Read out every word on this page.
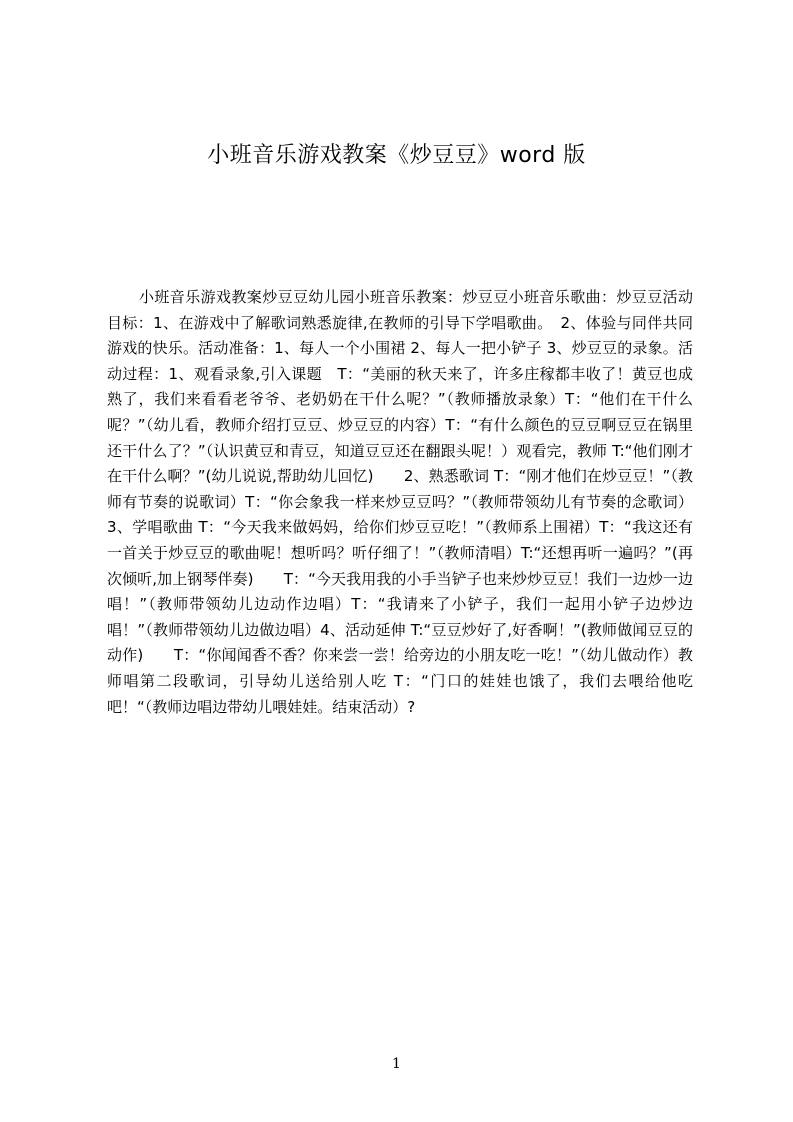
小班音乐游戏教案《炒豆豆》word 版

小班音乐游戏教案炒豆豆幼儿园小班音乐教案：炒豆豆小班音乐歌曲：炒豆豆活动目标：1、在游戏中了解歌词熟悉旋律,在教师的引导下学唱歌曲。　2、体验与同伴共同游戏的快乐。活动准备：1、每人一个小围裙 2、每人一把小铲子 3、炒豆豆的录象。活动过程：1、观看录象,引入课题　T：“美丽的秋天来了，许多庄稼都丰收了！黄豆也成熟了，我们来看看老爷爷、老奶奶在干什么呢？”（教师播放录象）T：“他们在干什么呢？”（幼儿看，教师介绍打豆豆、炒豆豆的内容）T：“有什么颜色的豆豆啊豆豆在锅里还干什么了？”（认识黄豆和青豆，知道豆豆还在翻跟头呢！）观看完，教师 T:“他们刚才在干什么啊？”(幼儿说说,帮助幼儿回忆)　　2、熟悉歌词 T：“刚才他们在炒豆豆！”（教师有节奏的说歌词）T：“你会象我一样来炒豆豆吗？”（教师带领幼儿有节奏的念歌词）3、学唱歌曲 T：“今天我来做妈妈，给你们炒豆豆吃！”（教师系上围裙）T：“我这还有一首关于炒豆豆的歌曲呢！想听吗？听仔细了！”（教师清唱）T:“还想再听一遍吗？”(再次倾听,加上钢琴伴奏)　　T：“今天我用我的小手当铲子也来炒炒豆豆！我们一边炒一边唱！”（教师带领幼儿边动作边唱）T：“我请来了小铲子，我们一起用小铲子边炒边唱！”（教师带领幼儿边做边唱）4、活动延伸 T:“豆豆炒好了,好香啊！”(教师做闻豆豆的动作)　　T：“你闻闻香不香？你来尝一尝！给旁边的小朋友吃一吃！”（幼儿做动作）教师唱第二段歌词，引导幼儿送给别人吃 T：“门口的娃娃也饿了，我们去喂给他吃吧！“（教师边唱边带幼儿喂娃娃。结束活动）?

1
